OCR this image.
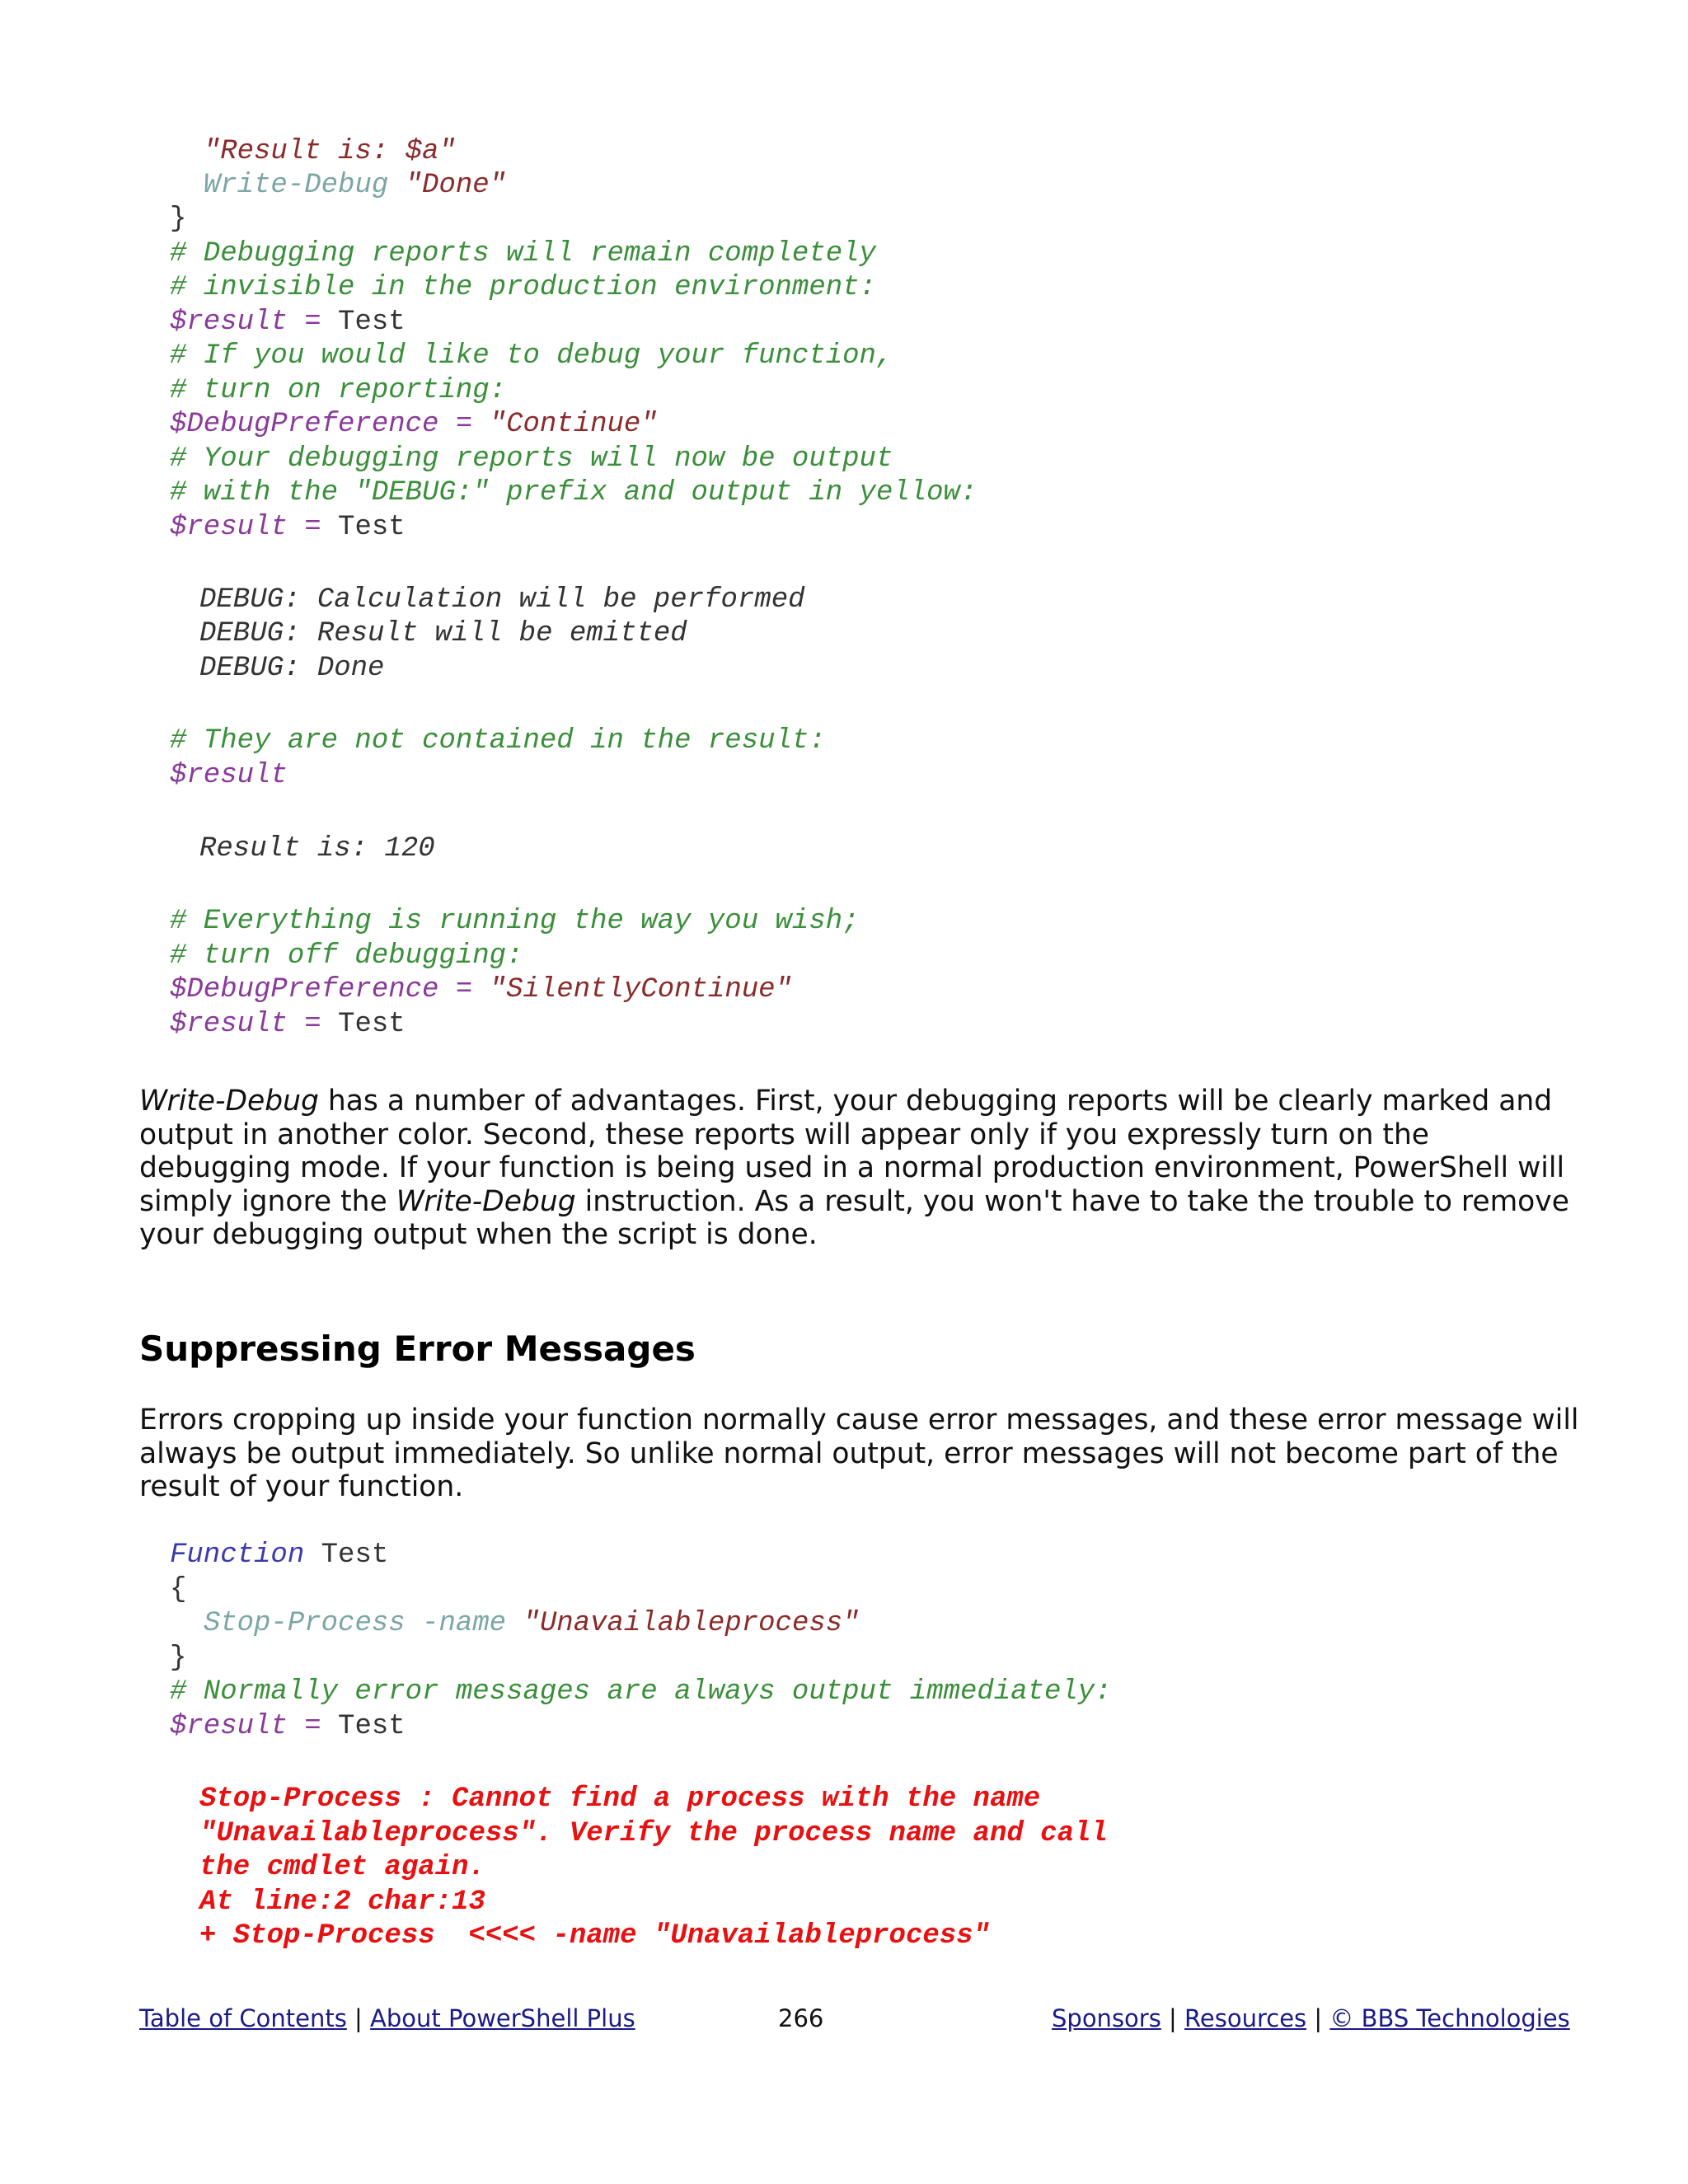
"Result is: $a"
Write-Debug "Done"
}
# Debugging reports will remain completely
# invisible in the production environment:
$result = Test
# If you would like to debug your function,
# turn on reporting:
$DebugPreference = "Continue"
# Your debugging reports will now be output
# with the "DEBUG:" prefix and output in yellow:
$result = Test
DEBUG: Calculation will be performed
DEBUG: Result will be emitted
DEBUG: Done
# They are not contained in the result:
$result
Result is: 120
# Everything is running the way you wish;
# turn off debugging:
$DebugPreference = "SilentlyContinue"
$result = Test
Write-Debug has a number of advantages. First, your debugging reports will be clearly marked and
output in another color. Second, these reports will appear only if you expressly turn on the
debugging mode. If your function is being used in a normal production environment, PowerShell will
simply ignore the Write-Debug instruction. As a result, you won't have to take the trouble to remove
your debugging output when the script is done.
Suppressing Error Messages
Errors cropping up inside your function normally cause error messages, and these error message will
always be output immediately. So unlike normal output, error messages will not become part of the
result of your function.
Function Test
{
Stop-Process -name "Unavailableprocess"
}
# Normally error messages are always output immediately:
$result = Test
Stop-Process : Cannot find a process with the name
"Unavailableprocess". Verify the process name and call
the cmdlet again.
At line:2 char:13
+ Stop-Process  <<<< -name "Unavailableprocess"
Table of Contents | About PowerShell Plus	266	Sponsors | Resources | © BBS Technologies
